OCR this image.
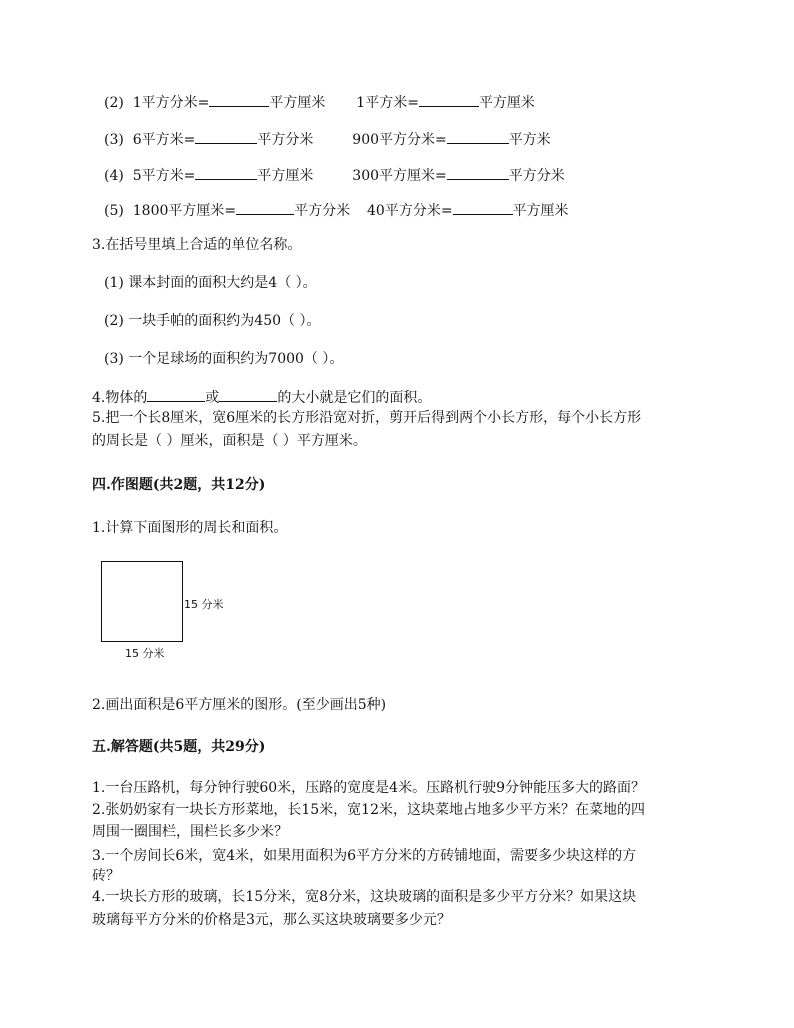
(2) 1平方分米=	平方厘米 1平方米=	平方厘米
(3) 6平方米=	平方分米	900平方分米=	平方米
(4) 5平方米=	平方厘米	300平方厘米=	平方分米
(5) 1800平方厘米=	平方分米 40平方分米=	平方厘米
3.在括号里填上合适的单位名称。
(1) 课本封面的面积大约是4（ ）。
(2) 一块手帕的面积约为450（ ）。
(3) 一个足球场的面积约为7000（ ）。
4.物体的	或	的大小就是它们的面积。
5.把一个长8厘米，宽6厘米的长方形沿宽对折，剪开后得到两个小长方形，每个小长方形
的周长是（ ）厘米，面积是（ ）平方厘米。
四.作图题(共2题，共12分)
1.计算下面图形的周长和面积。
15 分米
15 分米
2.画出面积是6平方厘米的图形。(至少画出5种)
五.解答题(共5题，共29分)
1.一台压路机，每分钟行驶60米，压路的宽度是4米。压路机行驶9分钟能压多大的路面？
2.张奶奶家有一块长方形菜地，长15米，宽12米，这块菜地占地多少平方米？在菜地的四
周围一圈围栏，围栏长多少米？
3.一个房间长6米，宽4米，如果用面积为6平方分米的方砖铺地面，需要多少块这样的方
砖？
4.一块长方形的玻璃，长15分米，宽8分米，这块玻璃的面积是多少平方分米？如果这块
玻璃每平方分米的价格是3元，那么买这块玻璃要多少元？
